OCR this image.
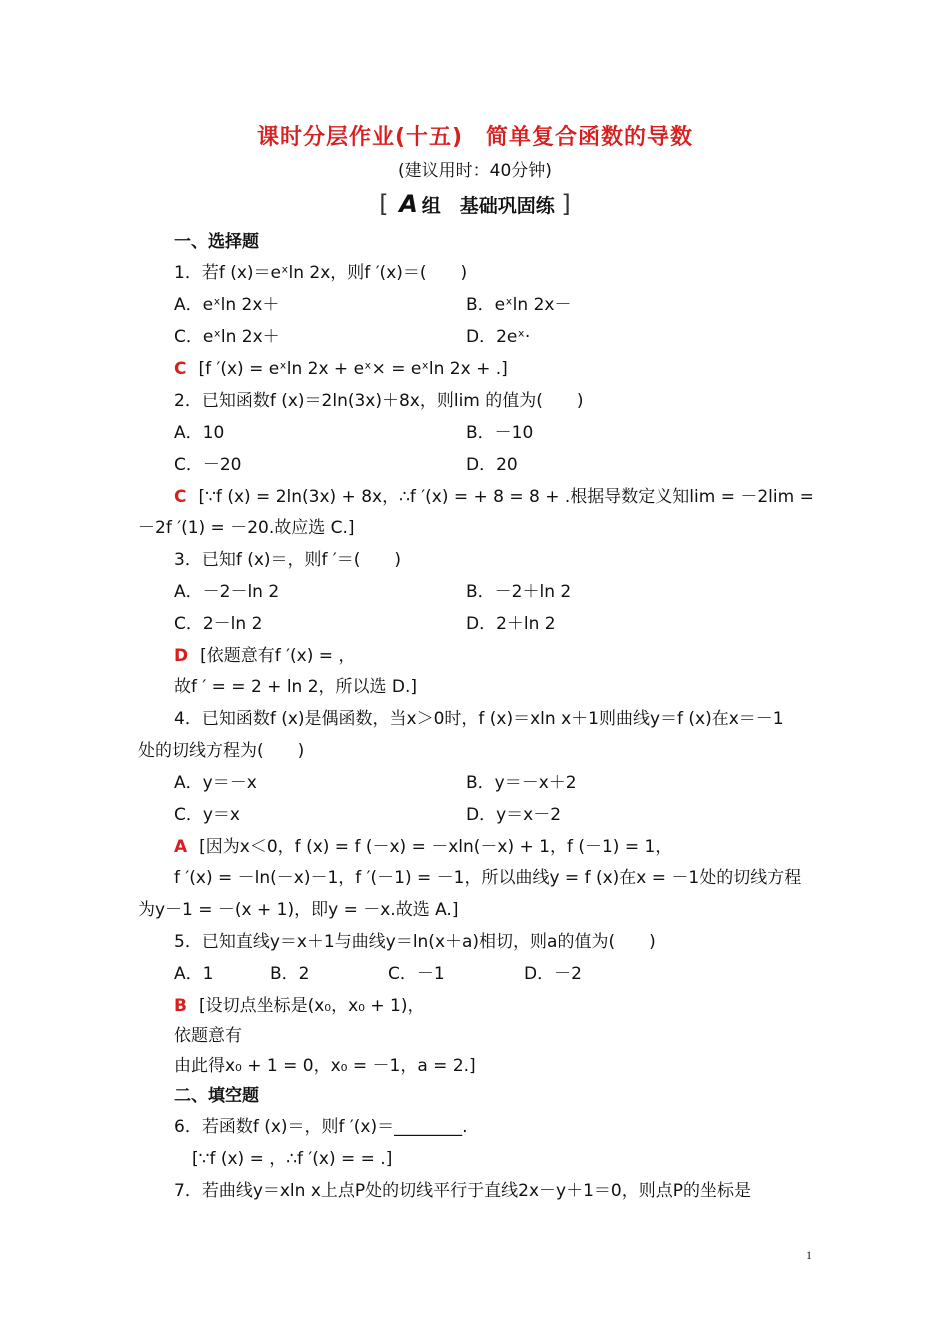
课时分层作业(十五)　简单复合函数的导数
(建议用时：40分钟)
[ A 组　基础巩固练 ]
一、选择题
1．若f (x)＝eˣln 2x，则f ′(x)＝(　　)
A．eˣln 2x＋	B．eˣln 2x－
C．eˣln 2x＋	D．2eˣ·
C [f ′(x) = eˣln 2x + eˣ× = eˣln 2x + .]
2．已知函数f (x)＝2ln(3x)＋8x，则lim 的值为(　　)
A．10	B．－10
C．－20	D．20
C [∵f (x) = 2ln(3x) + 8x，∴f ′(x) = + 8 = 8 + .根据导数定义知lim = －2lim =
－2f ′(1) = －20.故应选 C.]
3．已知f (x)＝，则f ′＝(　　)
A．－2－ln 2	B．－2＋ln 2
C．2－ln 2	D．2＋ln 2
D [依题意有f ′(x) = ，
故f ′ = = 2 + ln 2，所以选 D.]
4．已知函数f (x)是偶函数，当x＞0时，f (x)＝xln x＋1则曲线y＝f (x)在x＝－1
处的切线方程为(　　)
A．y＝－x	B．y＝－x＋2
C．y＝x	D．y＝x－2
A [因为x＜0，f (x) = f (－x) = －xln(－x) + 1，f (－1) = 1，
f ′(x) = －ln(－x)－1，f ′(－1) = －1，所以曲线y = f (x)在x = －1处的切线方程
为y－1 = －(x + 1)，即y = －x.故选 A.]
5．已知直线y＝x＋1与曲线y＝ln(x＋a)相切，则a的值为(　　)
A．1	B．2	C．－1	D．－2
B [设切点坐标是(x₀，x₀ + 1)，
依题意有
由此得x₀ + 1 = 0，x₀ = －1，a = 2.]
二、填空题
6．若函数f (x)＝，则f ′(x)＝________.
[∵f (x) = ，∴f ′(x) = = .]
7．若曲线y＝xln x上点P处的切线平行于直线2x－y＋1＝0，则点P的坐标是
1
